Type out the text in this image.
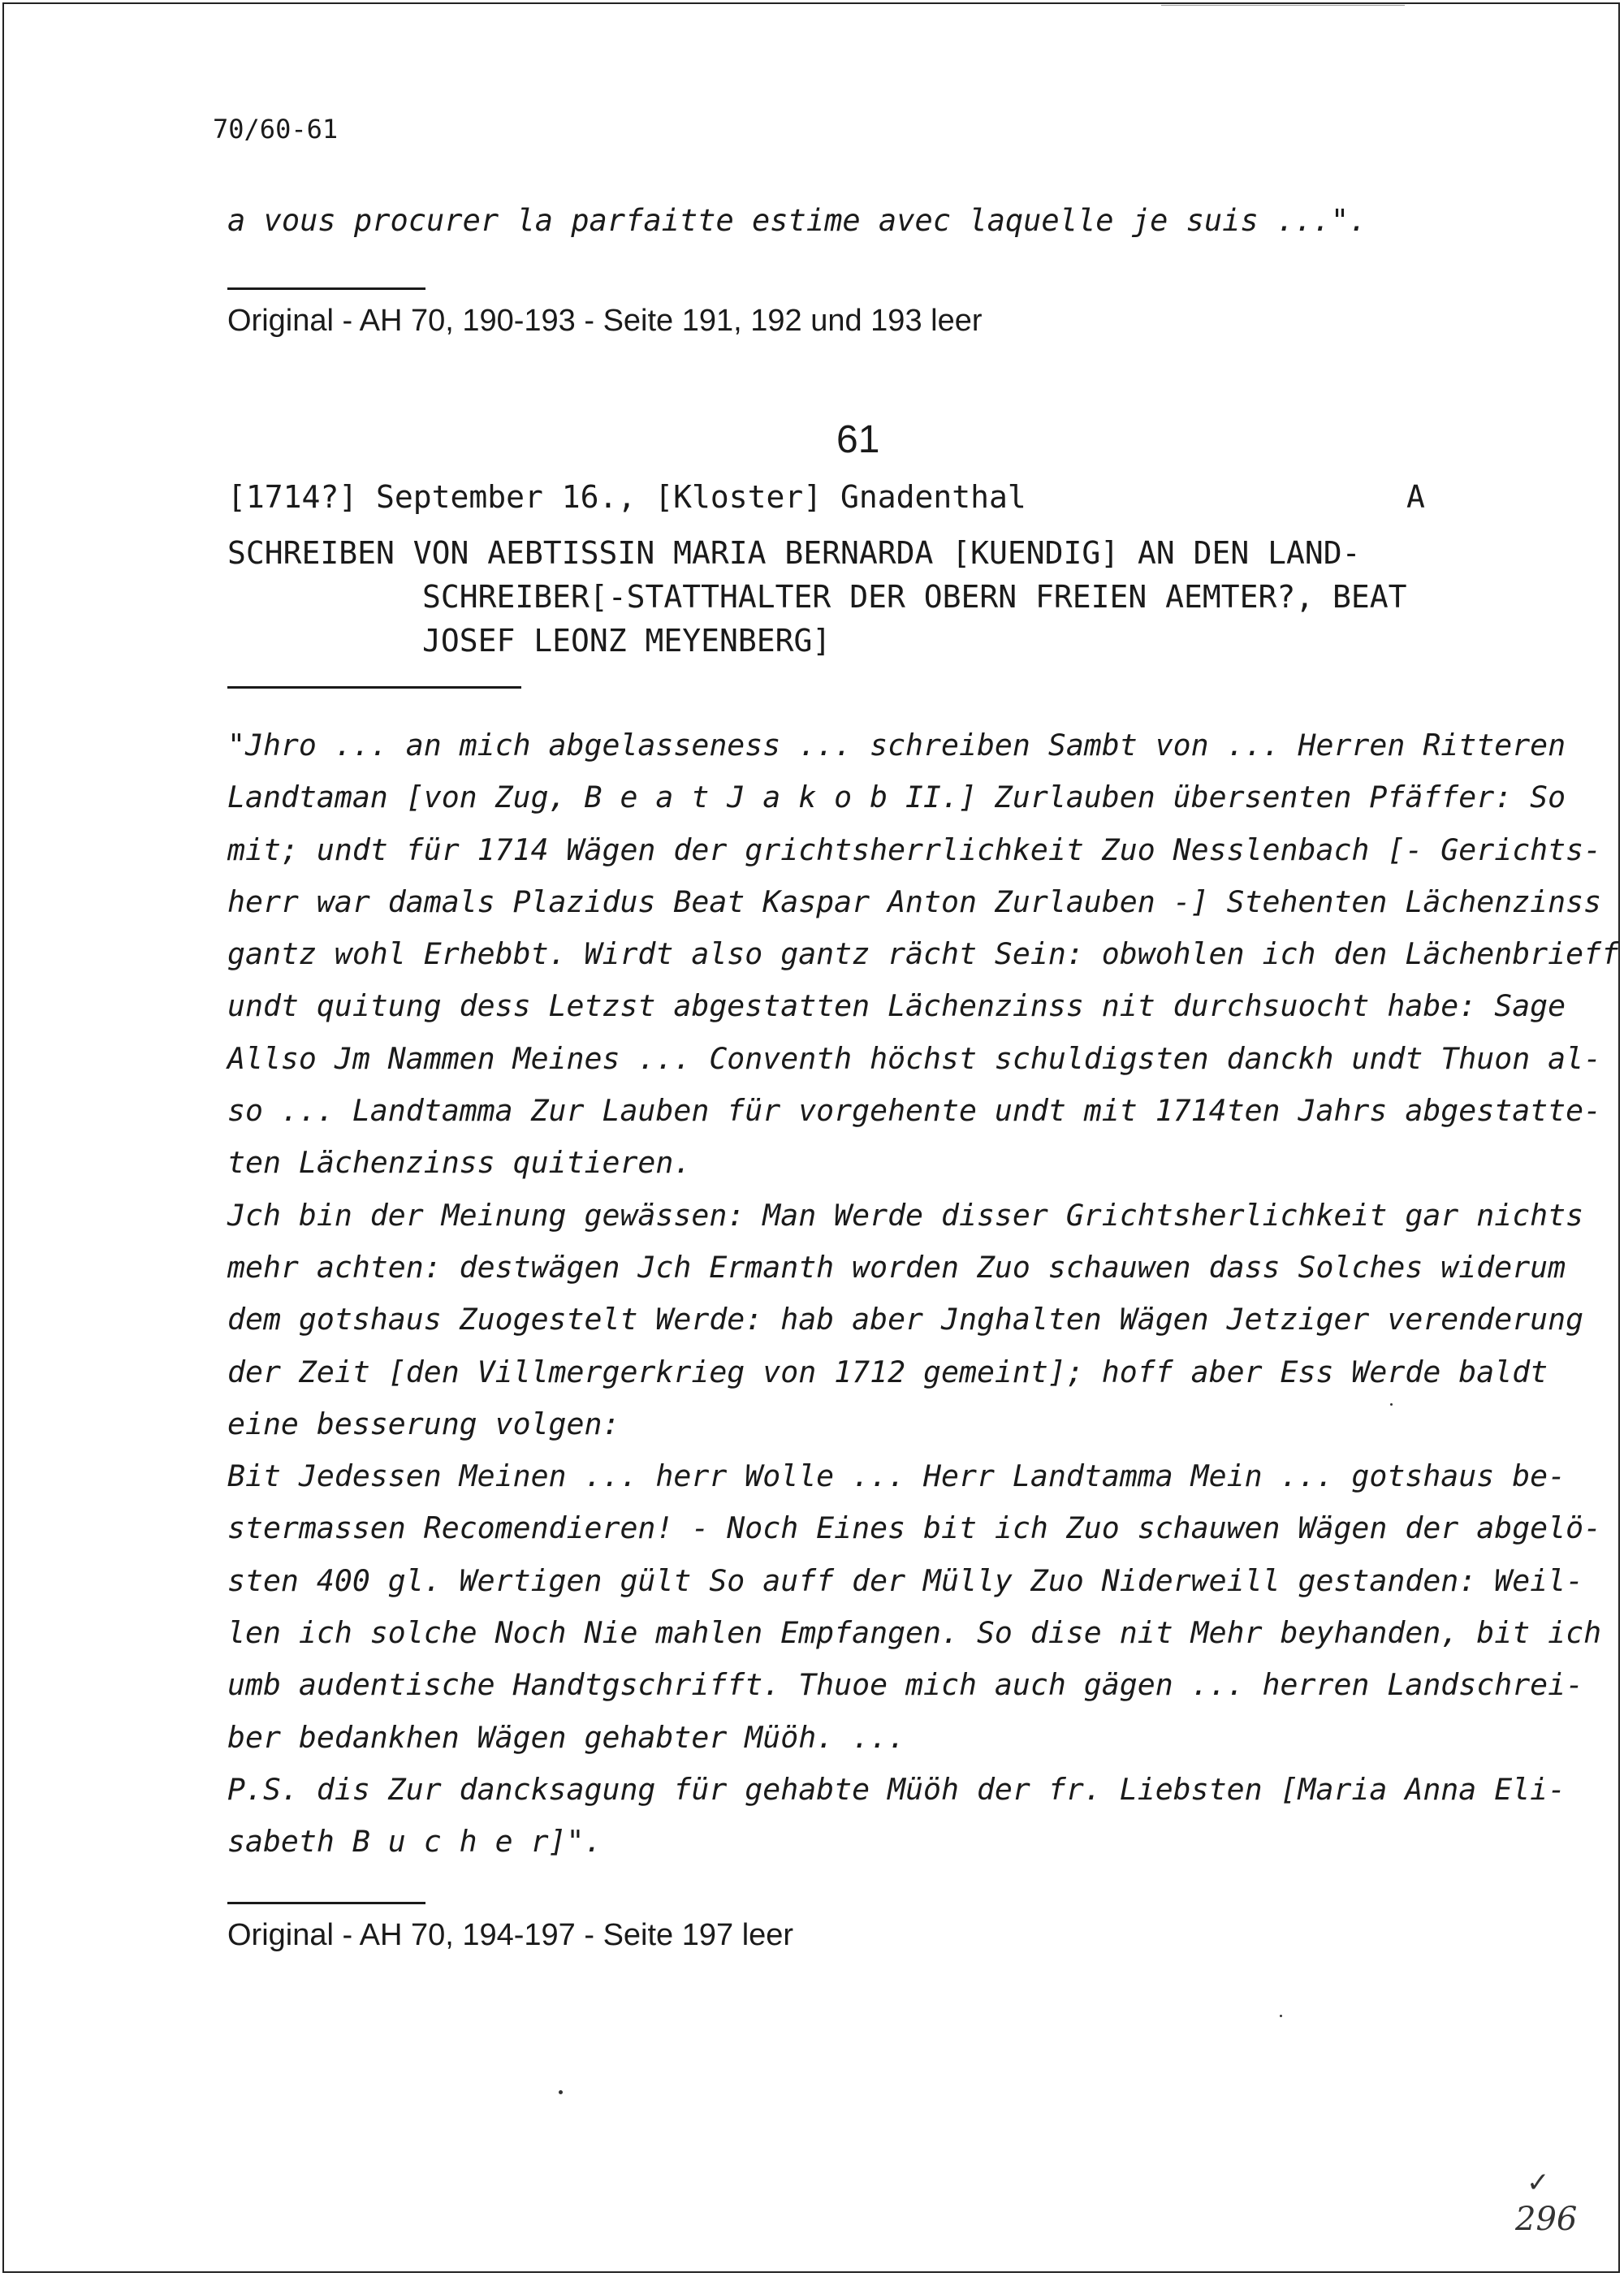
70/60-61
a vous procurer la parfaitte estime avec laquelle je suis ...".
Original - AH 70, 190-193 - Seite 191, 192 und 193 leer
61
[1714?] September 16., [Kloster] Gnadenthal	A
SCHREIBEN VON AEBTISSIN MARIA BERNARDA [KUENDIG] AN DEN LAND-
SCHREIBER[-STATTHALTER DER OBERN FREIEN AEMTER?, BEAT
JOSEF LEONZ MEYENBERG]
"Jhro ... an mich abgelasseness ... schreiben Sambt von ... Herren Ritteren
Landtaman [von Zug, B e a t J a k o b II.] Zurlauben übersenten Pfäffer: So
mit; undt für 1714 Wägen der grichtsherrlichkeit Zuo Nesslenbach [- Gerichts-
herr war damals Plazidus Beat Kaspar Anton Zurlauben -] Stehenten Lächenzinss
gantz wohl Erhebbt. Wirdt also gantz rächt Sein: obwohlen ich den Lächenbrieff
undt quitung dess Letzst abgestatten Lächenzinss nit durchsuocht habe: Sage
Allso Jm Nammen Meines ... Conventh höchst schuldigsten danckh undt Thuon al-
so ... Landtamma Zur Lauben für vorgehente undt mit 1714ten Jahrs abgestatte-
ten Lächenzinss quitieren.
Jch bin der Meinung gewässen: Man Werde disser Grichtsherlichkeit gar nichts
mehr achten: destwägen Jch Ermanth worden Zuo schauwen dass Solches widerum
dem gotshaus Zuogestelt Werde: hab aber Jnghalten Wägen Jetziger verenderung
der Zeit [den Villmergerkrieg von 1712 gemeint]; hoff aber Ess Werde baldt
eine besserung volgen:
Bit Jedessen Meinen ... herr Wolle ... Herr Landtamma Mein ... gotshaus be-
stermassen Recomendieren! - Noch Eines bit ich Zuo schauwen Wägen der abgelö-
sten 400 gl. Wertigen gült So auff der Mülly Zuo Niderweill gestanden: Weil-
len ich solche Noch Nie mahlen Empfangen. So dise nit Mehr beyhanden, bit ich
umb audentische Handtgschrifft. Thuoe mich auch gägen ... herren Landschrei-
ber bedankhen Wägen gehabter Müöh. ...
P.S. dis Zur dancksagung für gehabte Müöh der fr. Liebsten [Maria Anna Eli-
sabeth B u c h e r]".
Original - AH 70, 194-197 - Seite 197 leer
✓
296
